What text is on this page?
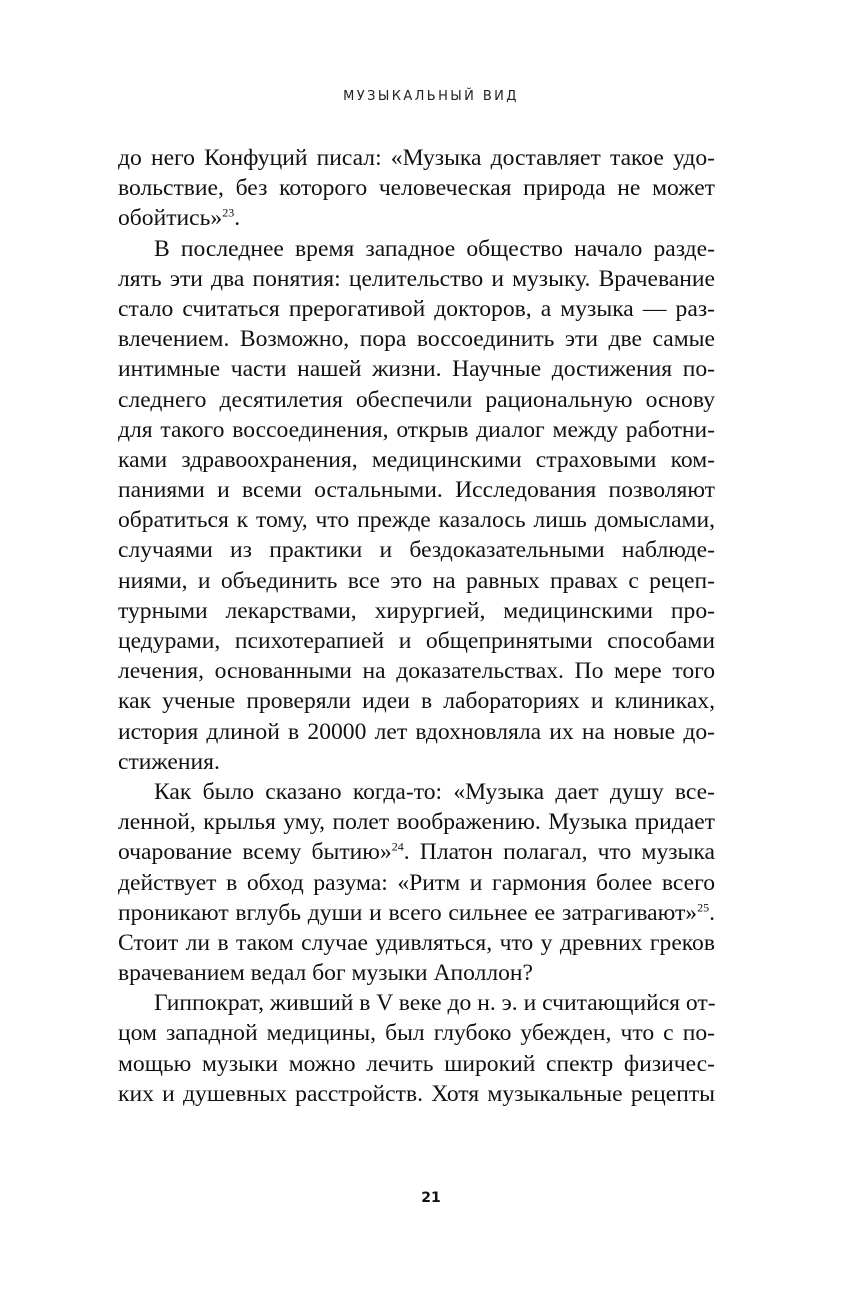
МУЗЫКАЛЬНЫЙ ВИД
до него Конфуций писал: «Музыка доставляет такое удо-
вольствие, без которого человеческая природа не может
обойтись»$^{23}$.
В последнее время западное общество начало разде-
лять эти два понятия: целительство и музыку. Врачевание
стало считаться прерогативой докторов, а музыка — раз-
влечением. Возможно, пора воссоединить эти две самые
интимные части нашей жизни. Научные достижения по-
следнего десятилетия обеспечили рациональную основу
для такого воссоединения, открыв диалог между работни-
ками здравоохранения, медицинскими страховыми ком-
паниями и всеми остальными. Исследования позволяют
обратиться к тому, что прежде казалось лишь домыслами,
случаями из практики и бездоказательными наблюде-
ниями, и объединить все это на равных правах с рецеп-
турными лекарствами, хирургией, медицинскими про-
цедурами, психотерапией и общепринятыми способами
лечения, основанными на доказательствах. По мере того
как ученые проверяли идеи в лабораториях и клиниках,
история длиной в 20000 лет вдохновляла их на новые до-
стижения.
Как было сказано когда-то: «Музыка дает душу все-
ленной, крылья уму, полет воображению. Музыка придает
очарование всему бытию»$^{24}$. Платон полагал, что музыка
действует в обход разума: «Ритм и гармония более всего
проникают вглубь души и всего сильнее ее затрагивают»$^{25}$.
Стоит ли в таком случае удивляться, что у древних греков
врачеванием ведал бог музыки Аполлон?
Гиппократ, живший в V веке до н. э. и считающийся от-
цом западной медицины, был глубоко убежден, что с по-
мощью музыки можно лечить широкий спектр физичес-
ких и душевных расстройств. Хотя музыкальные рецепты
21
